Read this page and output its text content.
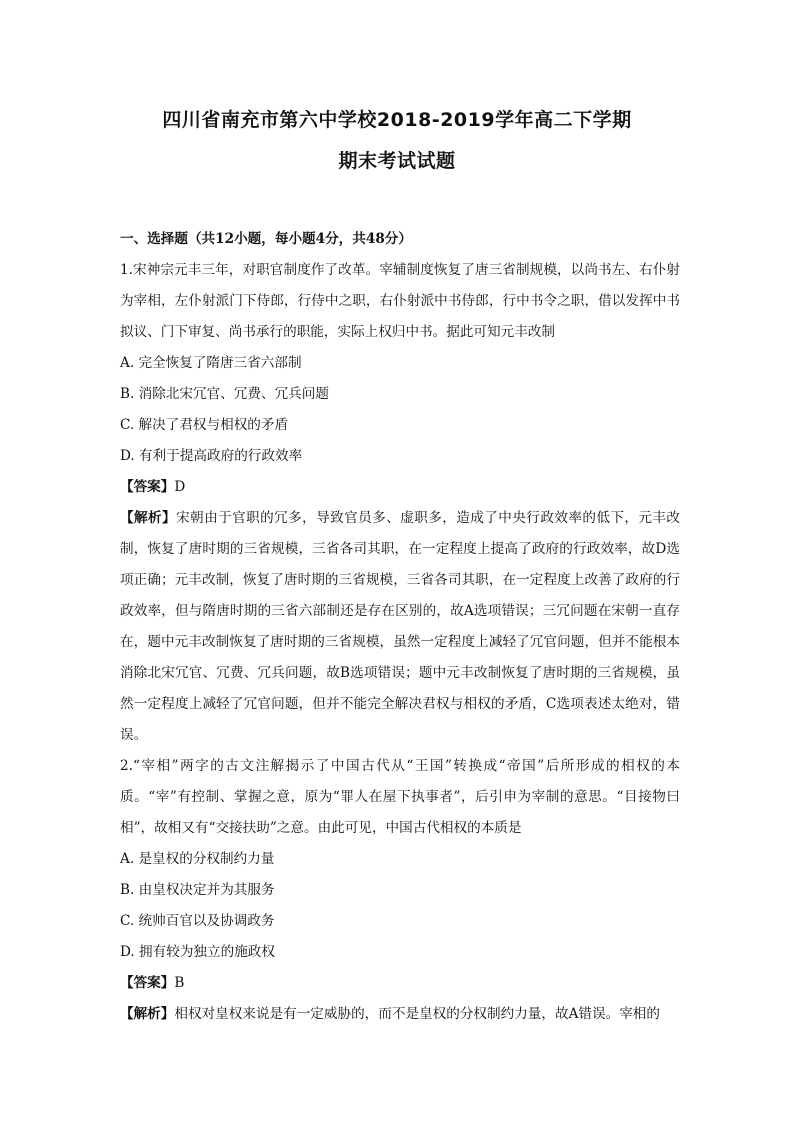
四川省南充市第六中学校2018-2019学年高二下学期
期末考试试题

一、选择题（共12小题，每小题4分，共48分）

1.宋神宗元丰三年，对职官制度作了改革。宰辅制度恢复了唐三省制规模，以尚书左、右仆射为宰相，左仆射派门下侍郎，行侍中之职，右仆射派中书侍郎，行中书令之职，借以发挥中书拟议、门下审复、尚书承行的职能，实际上权归中书。据此可知元丰改制

A. 完全恢复了隋唐三省六部制

B. 消除北宋冗官、冗费、冗兵问题

C. 解决了君权与相权的矛盾

D. 有利于提高政府的行政效率

【答案】D

【解析】宋朝由于官职的冗多，导致官员多、虚职多，造成了中央行政效率的低下，元丰改制，恢复了唐时期的三省规模，三省各司其职，在一定程度上提高了政府的行政效率，故D选项正确；元丰改制，恢复了唐时期的三省规模，三省各司其职，在一定程度上改善了政府的行政效率，但与隋唐时期的三省六部制还是存在区别的，故A选项错误；三冗问题在宋朝一直存在，题中元丰改制恢复了唐时期的三省规模，虽然一定程度上减轻了冗官问题，但并不能根本消除北宋冗官、冗费、冗兵问题，故B选项错误；题中元丰改制恢复了唐时期的三省规模，虽然一定程度上减轻了冗官问题，但并不能完全解决君权与相权的矛盾，C选项表述太绝对，错误。

2.“宰相”两字的古文注解揭示了中国古代从“王国”转换成“帝国”后所形成的相权的本质。“宰”有控制、掌握之意，原为“罪人在屋下执事者”，后引申为宰制的意思。“目接物曰相”，故相又有“交接扶助”之意。由此可见，中国古代相权的本质是

A. 是皇权的分权制约力量

B. 由皇权决定并为其服务

C. 统帅百官以及协调政务

D. 拥有较为独立的施政权

【答案】B

【解析】相权对皇权来说是有一定威胁的，而不是皇权的分权制约力量，故A错误。宰相的
